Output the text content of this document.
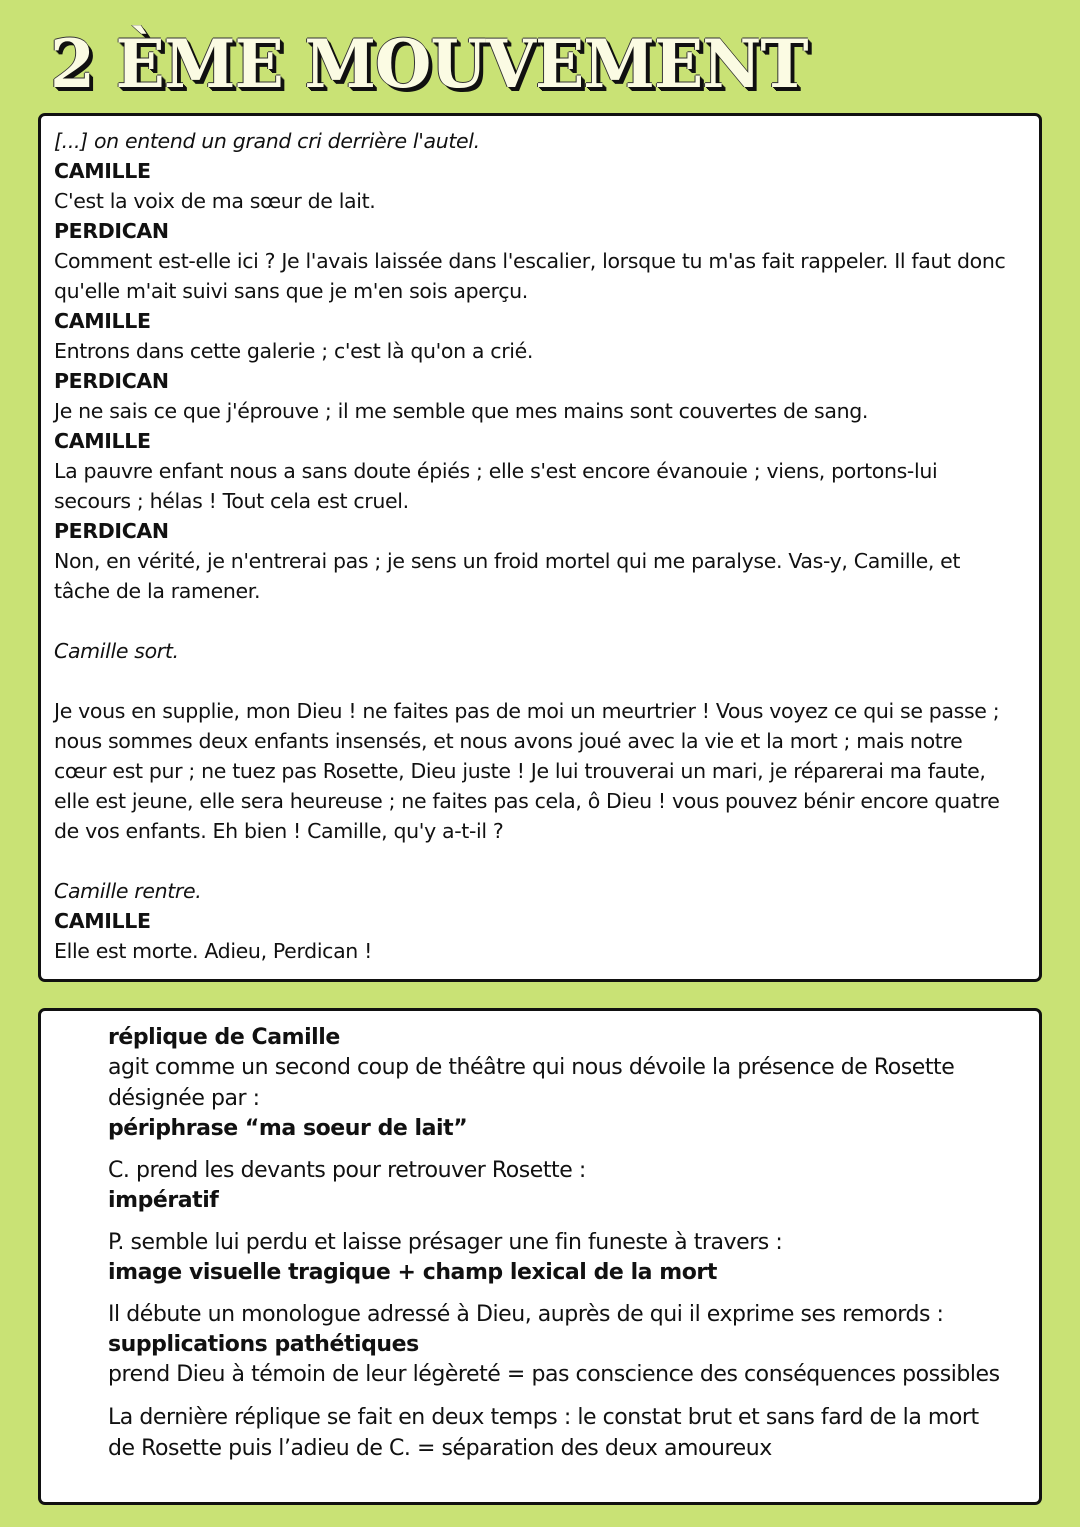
2 ÈME MOUVEMENT
[...] on entend un grand cri derrière l'autel.
CAMILLE
C'est la voix de ma sœur de lait.
PERDICAN
Comment est-elle ici ? Je l'avais laissée dans l'escalier, lorsque tu m'as fait rappeler. Il faut donc
qu'elle m'ait suivi sans que je m'en sois aperçu.
CAMILLE
Entrons dans cette galerie ; c'est là qu'on a crié.
PERDICAN
Je ne sais ce que j'éprouve ; il me semble que mes mains sont couvertes de sang.
CAMILLE
La pauvre enfant nous a sans doute épiés ; elle s'est encore évanouie ; viens, portons-lui
secours ; hélas ! Tout cela est cruel.
PERDICAN
Non, en vérité, je n'entrerai pas ; je sens un froid mortel qui me paralyse. Vas-y, Camille, et
tâche de la ramener.
Camille sort.
Je vous en supplie, mon Dieu ! ne faites pas de moi un meurtrier ! Vous voyez ce qui se passe ;
nous sommes deux enfants insensés, et nous avons joué avec la vie et la mort ; mais notre
cœur est pur ; ne tuez pas Rosette, Dieu juste ! Je lui trouverai un mari, je réparerai ma faute,
elle est jeune, elle sera heureuse ; ne faites pas cela, ô Dieu ! vous pouvez bénir encore quatre
de vos enfants. Eh bien ! Camille, qu'y a-t-il ?
Camille rentre.
CAMILLE
Elle est morte. Adieu, Perdican !
réplique de Camille
agit comme un second coup de théâtre qui nous dévoile la présence de Rosette
désignée par :
périphrase “ma soeur de lait”
C. prend les devants pour retrouver Rosette :
impératif
P. semble lui perdu et laisse présager une fin funeste à travers :
image visuelle tragique + champ lexical de la mort
Il débute un monologue adressé à Dieu, auprès de qui il exprime ses remords :
supplications pathétiques
prend Dieu à témoin de leur légèreté = pas conscience des conséquences possibles
La dernière réplique se fait en deux temps : le constat brut et sans fard de la mort
de Rosette puis l’adieu de C. = séparation des deux amoureux
